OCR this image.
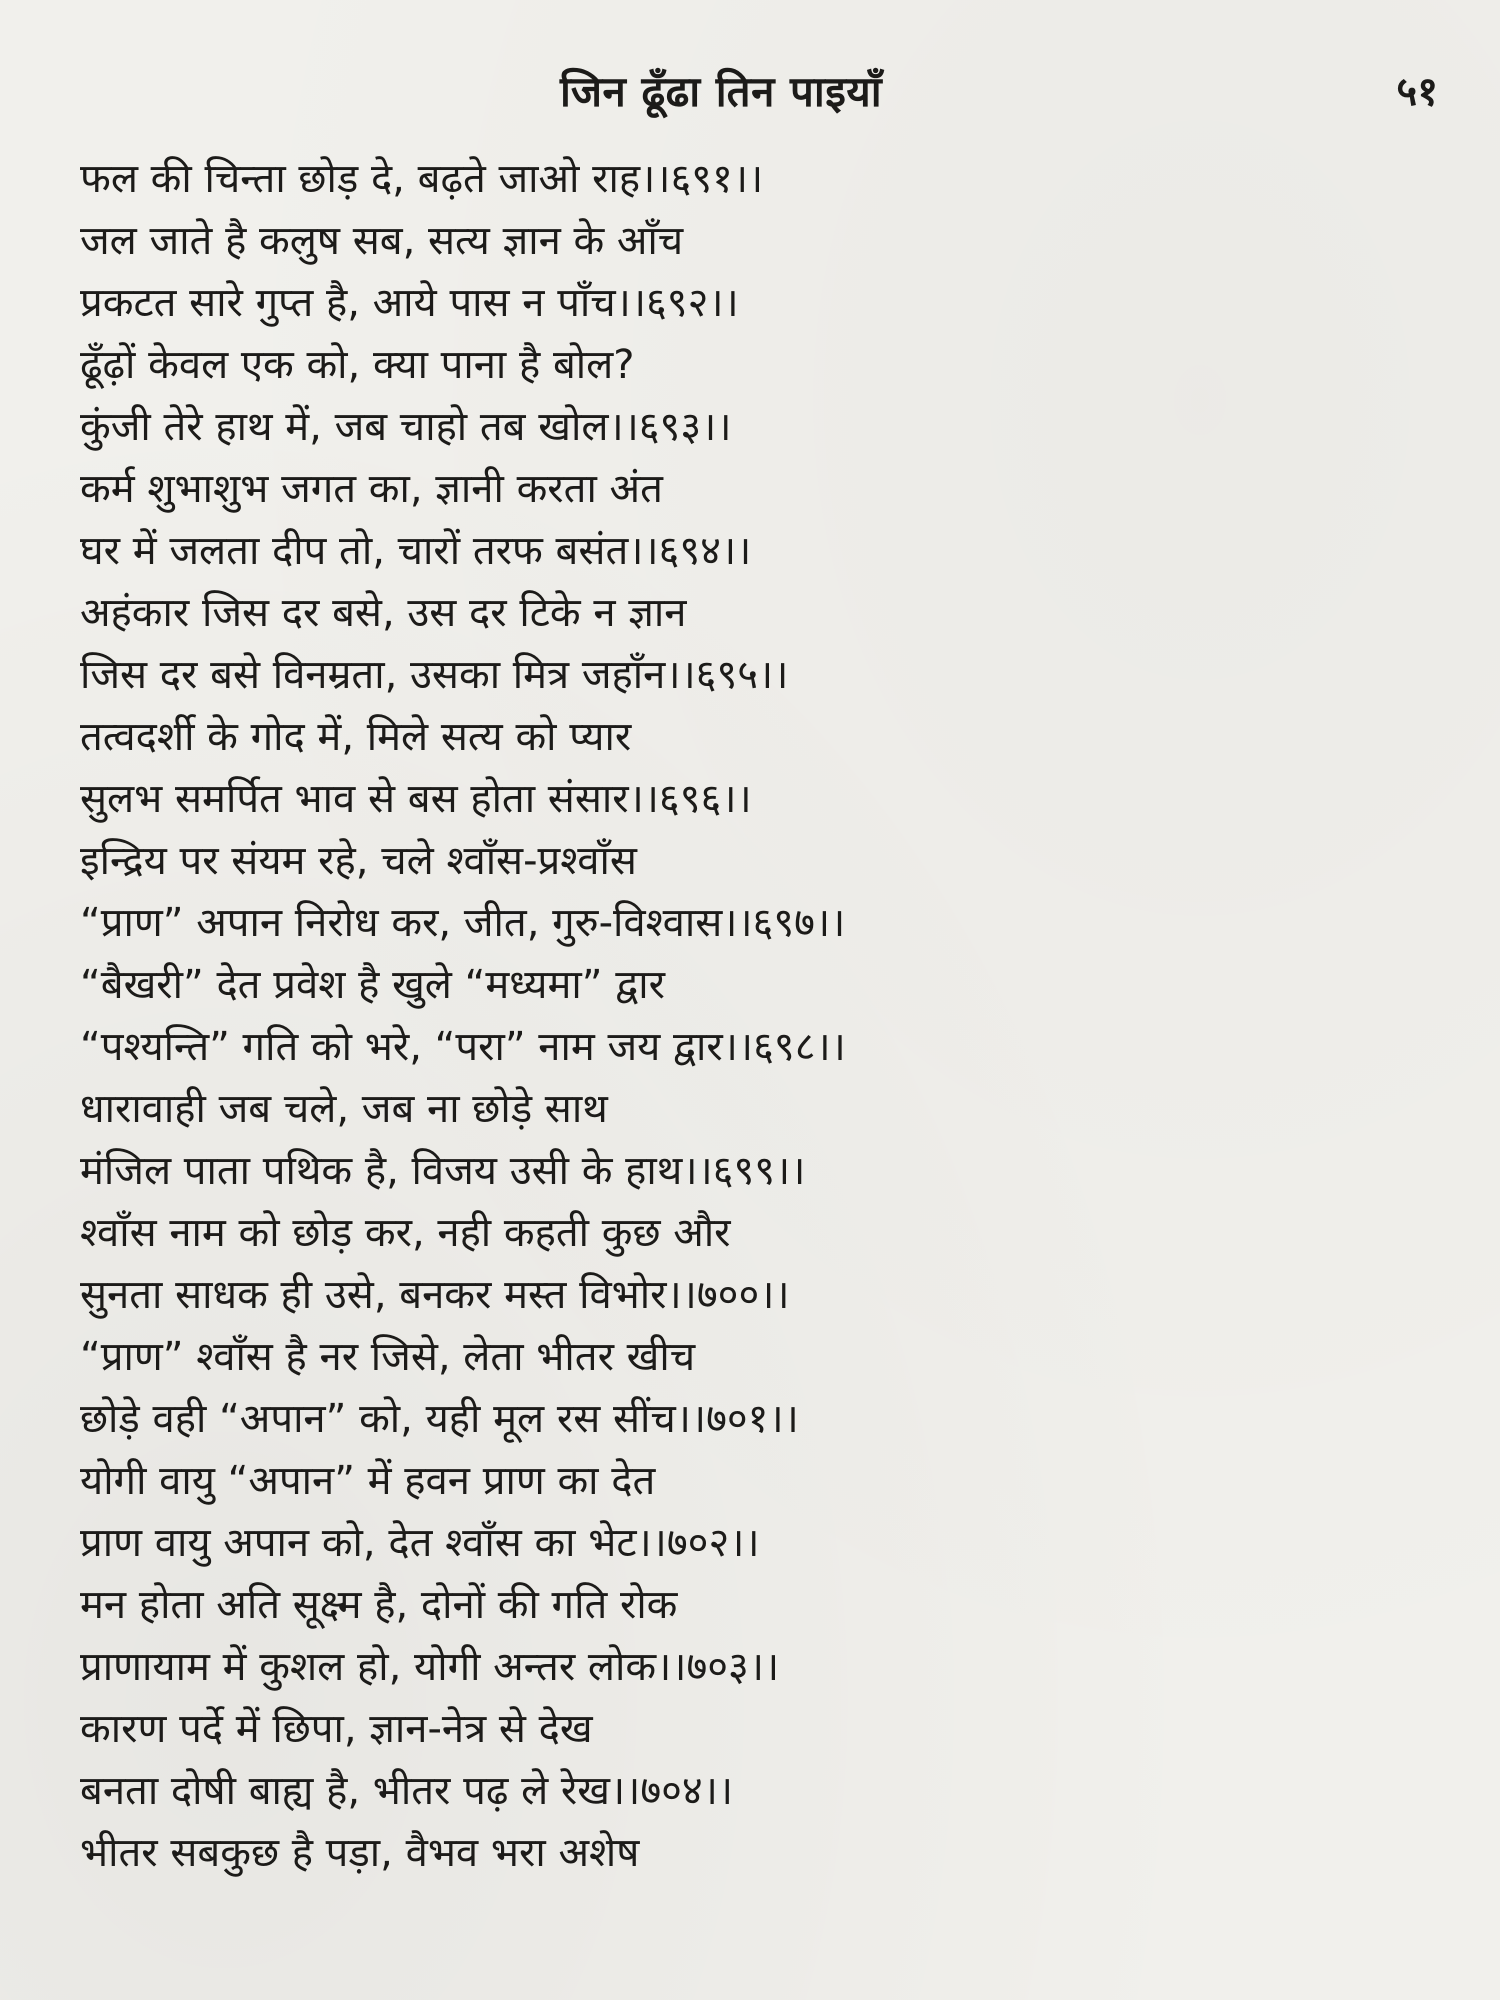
जिन ढूँढा तिन पाइयाँ	५१
फल की चिन्ता छोड़ दे, बढ़ते जाओ राह।।६९१।।
जल जाते है कलुष सब, सत्य ज्ञान के आँच
प्रकटत सारे गुप्त है, आये पास न पाँच।।६९२।।
ढूँढ़ों केवल एक को, क्या पाना है बोल?
कुंजी तेरे हाथ में, जब चाहो तब खोल।।६९३।।
कर्म शुभाशुभ जगत का, ज्ञानी करता अंत
घर में जलता दीप तो, चारों तरफ बसंत।।६९४।।
अहंकार जिस दर बसे, उस दर टिके न ज्ञान
जिस दर बसे विनम्रता, उसका मित्र जहाँन।।६९५।।
तत्वदर्शी के गोद में, मिले सत्य को प्यार
सुलभ समर्पित भाव से बस होता संसार।।६९६।।
इन्द्रिय पर संयम रहे, चले श्वाँस-प्रश्वाँस
“प्राण” अपान निरोध कर, जीत, गुरु-विश्वास।।६९७।।
“बैखरी” देत प्रवेश है खुले “मध्यमा” द्वार
“पश्यन्ति” गति को भरे, “परा” नाम जय द्वार।।६९८।।
धारावाही जब चले, जब ना छोड़े साथ
मंजिल पाता पथिक है, विजय उसी के हाथ।।६९९।।
श्वाँस नाम को छोड़ कर, नही कहती कुछ और
सुनता साधक ही उसे, बनकर मस्त विभोर।।७००।।
“प्राण” श्वाँस है नर जिसे, लेता भीतर खीच
छोड़े वही “अपान” को, यही मूल रस सींच।।७०१।।
योगी वायु “अपान” में हवन प्राण का देत
प्राण वायु अपान को, देत श्वाँस का भेट।।७०२।।
मन होता अति सूक्ष्म है, दोनों की गति रोक
प्राणायाम में कुशल हो, योगी अन्तर लोक।।७०३।।
कारण पर्दे में छिपा, ज्ञान-नेत्र से देख
बनता दोषी बाह्य है, भीतर पढ़ ले रेख।।७०४।।
भीतर सबकुछ है पड़ा, वैभव भरा अशेष
